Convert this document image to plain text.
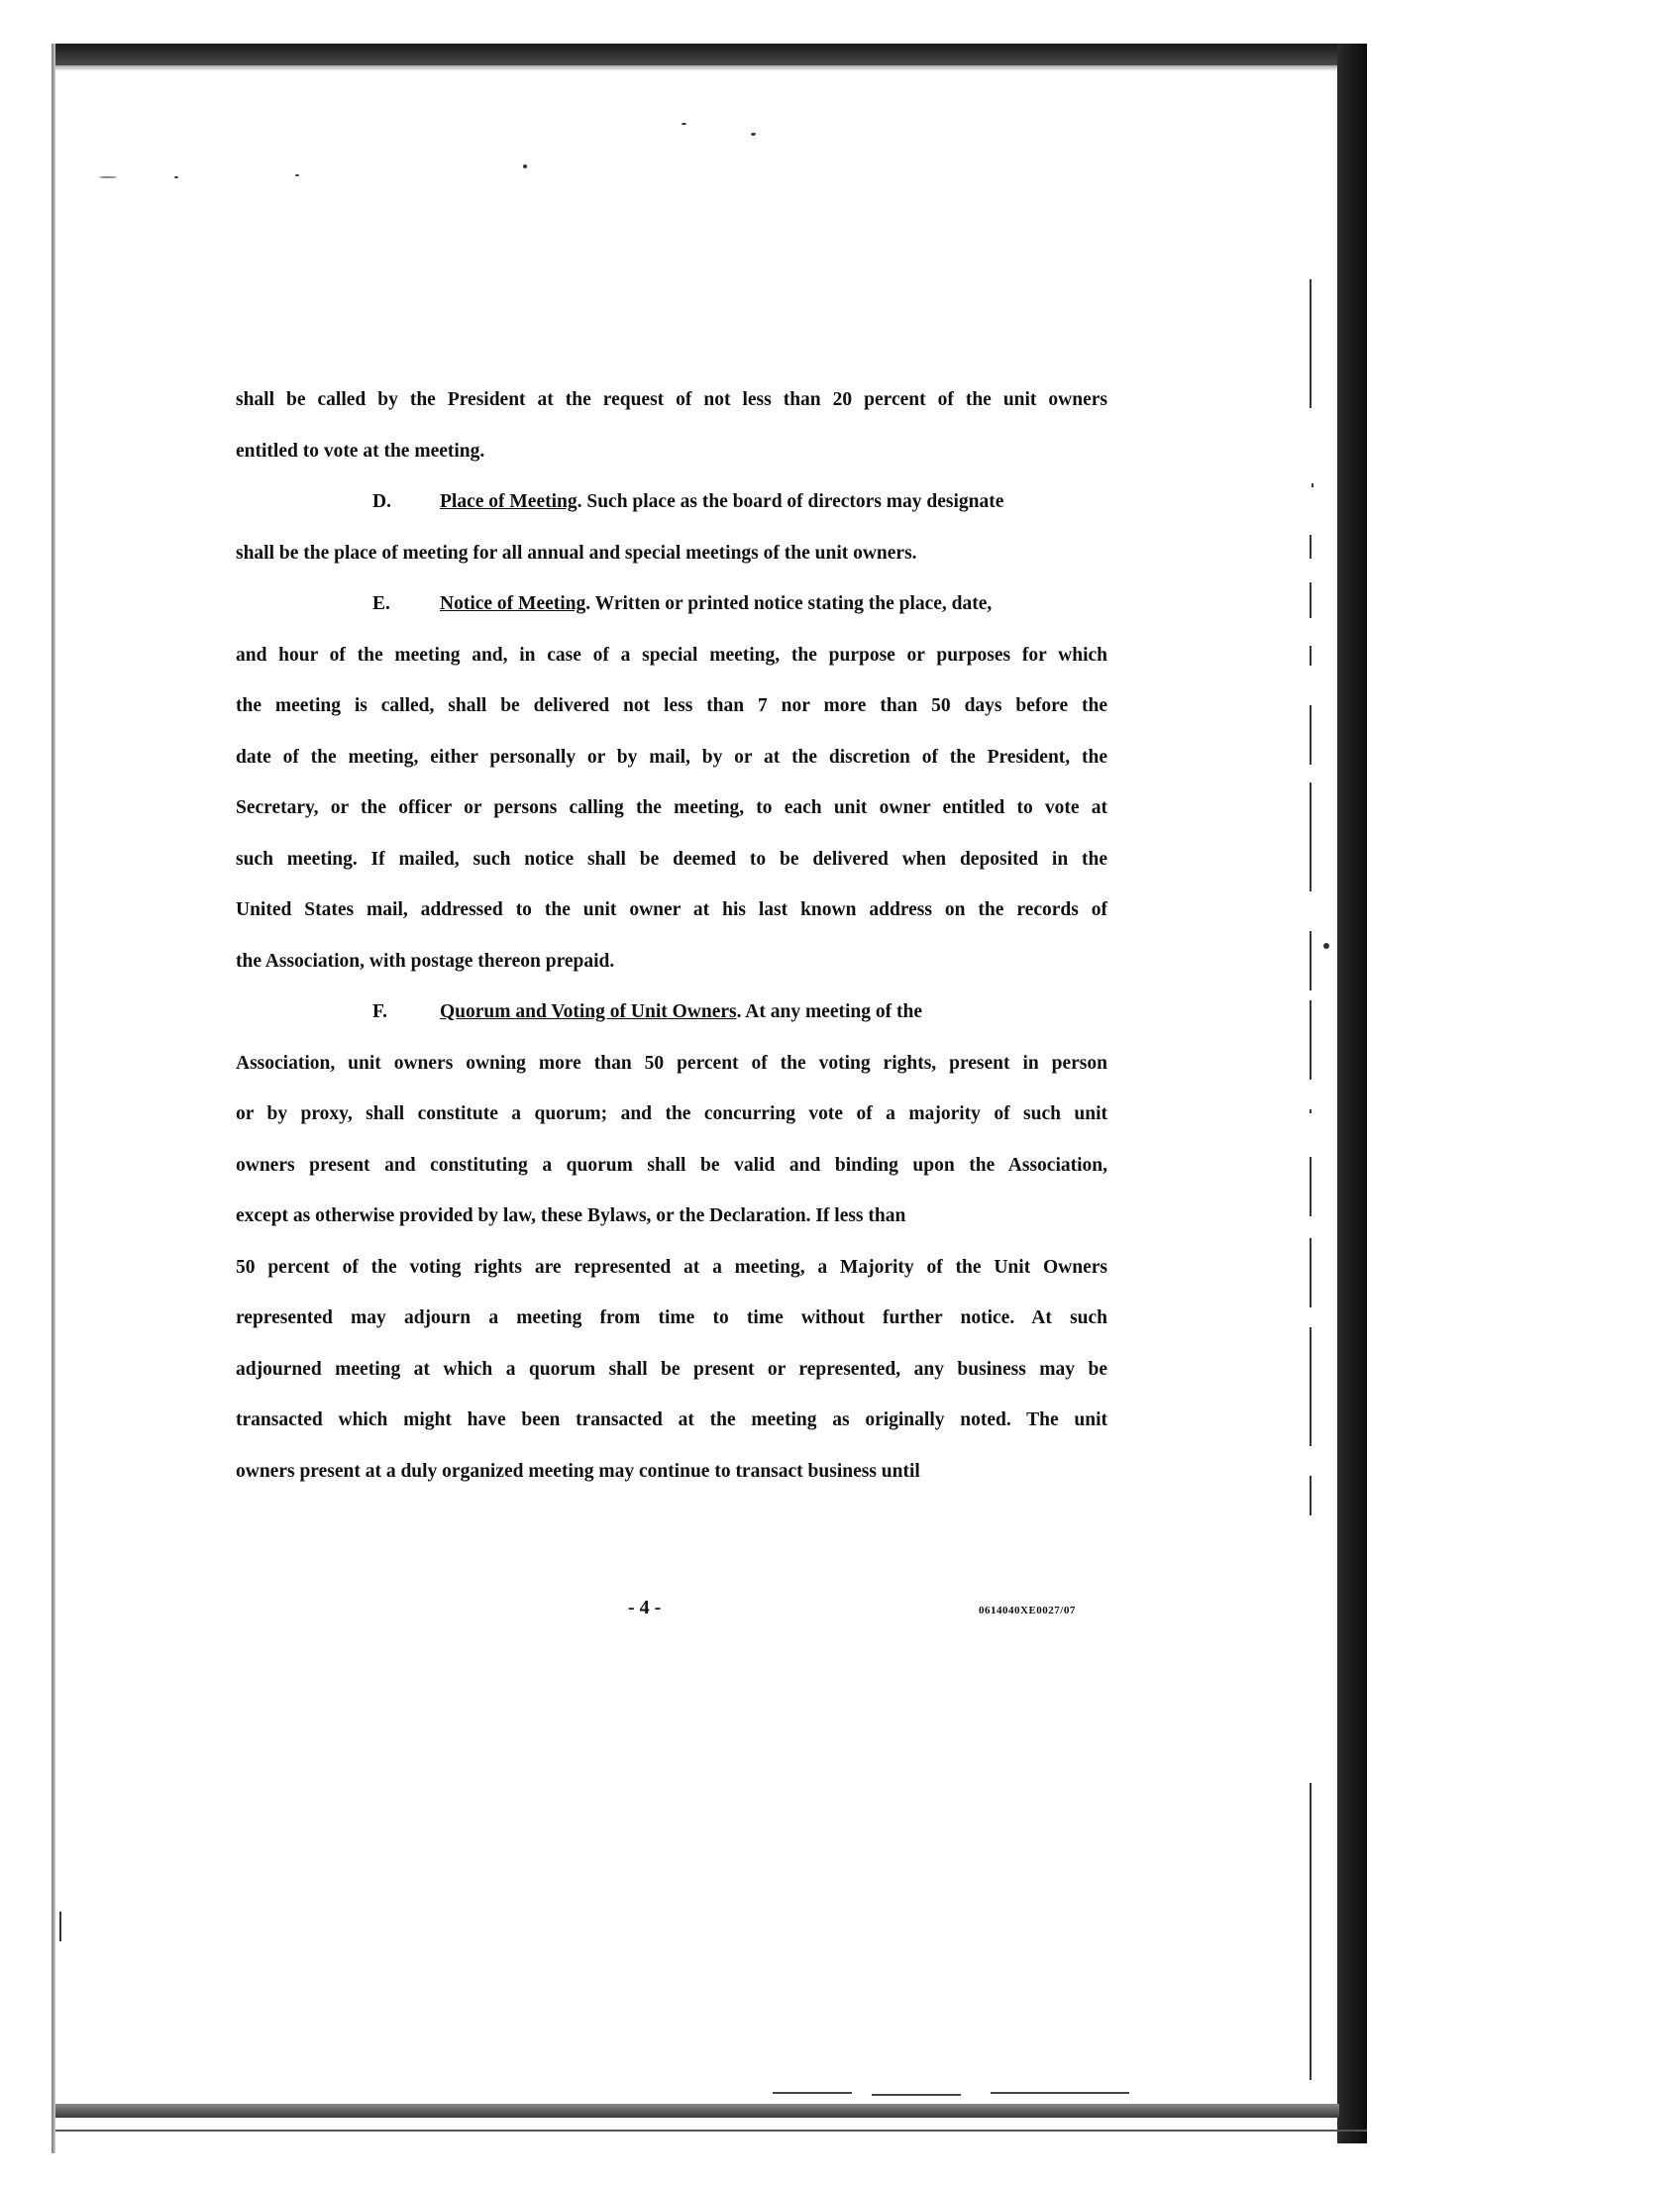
shall be called by the President at the request of not less than 20 percent of the unit owners
entitled to vote at the meeting.
D.	Place of Meeting. Such place as the board of directors may designate
shall be the place of meeting for all annual and special meetings of the unit owners.
E.	Notice of Meeting. Written or printed notice stating the place, date,
and hour of the meeting and, in case of a special meeting, the purpose or purposes for which
the meeting is called, shall be delivered not less than 7 nor more than 50 days before the
date of the meeting, either personally or by mail, by or at the discretion of the President, the
Secretary, or the officer or persons calling the meeting, to each unit owner entitled to vote at
such meeting. If mailed, such notice shall be deemed to be delivered when deposited in the
United States mail, addressed to the unit owner at his last known address on the records of
the Association, with postage thereon prepaid.
F.	Quorum and Voting of Unit Owners. At any meeting of the
Association, unit owners owning more than 50 percent of the voting rights, present in person
or by proxy, shall constitute a quorum; and the concurring vote of a majority of such unit
owners present and constituting a quorum shall be valid and binding upon the Association,
except as otherwise provided by law, these Bylaws, or the Declaration. If less than
50 percent of the voting rights are represented at a meeting, a Majority of the Unit Owners
represented may adjourn a meeting from time to time without further notice. At such
adjourned meeting at which a quorum shall be present or represented, any business may be
transacted which might have been transacted at the meeting as originally noted. The unit
owners present at a duly organized meeting may continue to transact business until
- 4 -	0614040XE0027/07
